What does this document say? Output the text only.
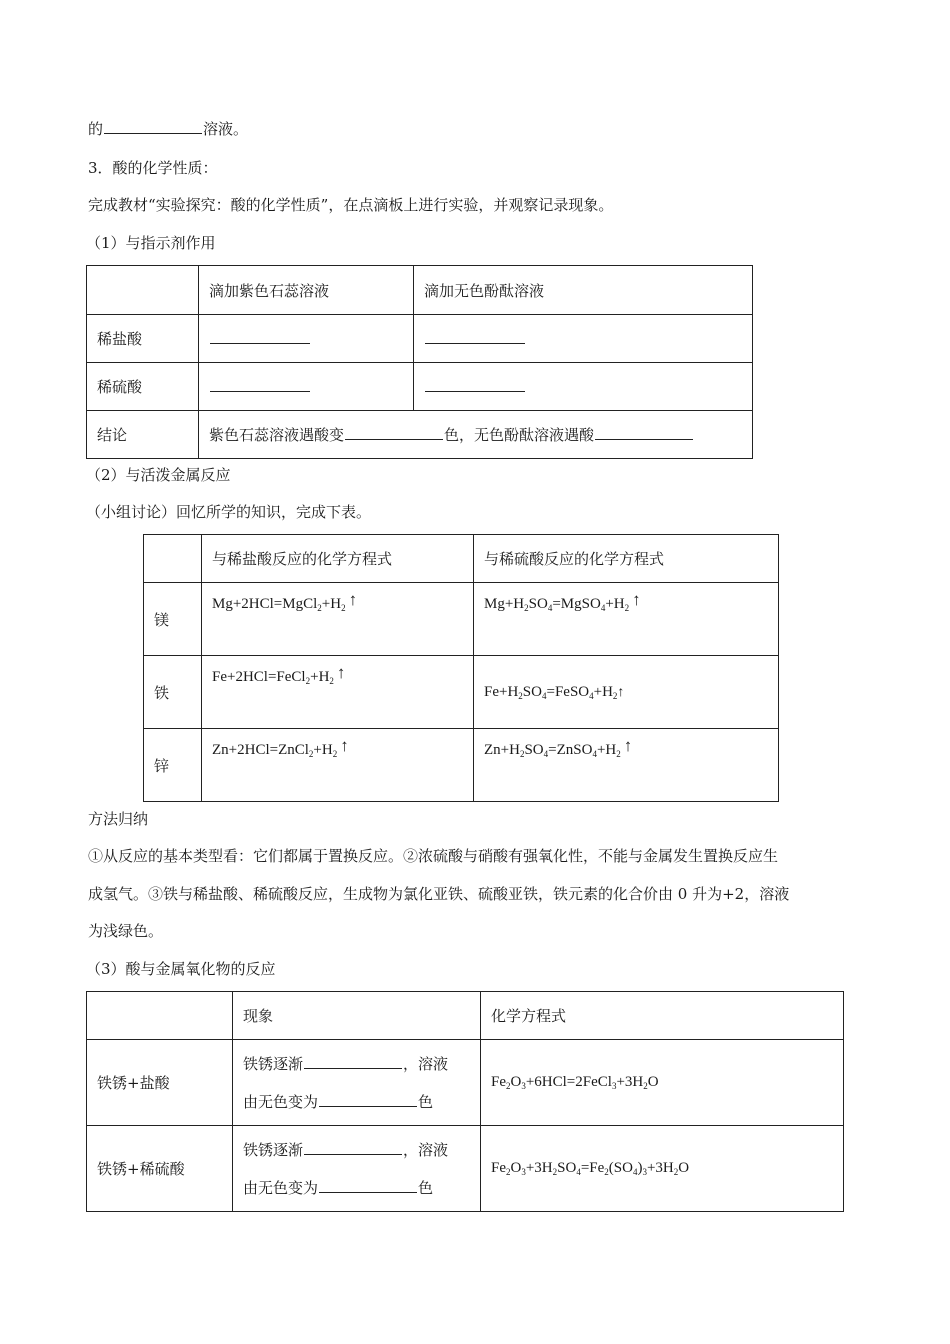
的	溶液。
3．酸的化学性质：
完成教材“实验探究：酸的化学性质”，在点滴板上进行实验，并观察记录现象。
（1）与指示剂作用
	滴加紫色石蕊溶液	滴加无色酚酞溶液
稀盐酸		
稀硫酸		
结论	紫色石蕊溶液遇酸变 色，无色酚酞溶液遇酸	
（2）与活泼金属反应
（小组讨论）回忆所学的知识，完成下表。
	与稀盐酸反应的化学方程式	与稀硫酸反应的化学方程式
镁	$Mg+2HCl=MgCl_2+H_2$ ↑	$Mg+H_2SO_4=MgSO_4+H_2$ ↑
铁	$Fe+2HCl=FeCl_2+H_2$ ↑	$Fe+H_2SO_4=FeSO_4+H_2↑$
锌	$Zn+2HCl=ZnCl_2+H_2$ ↑	$Zn+H_2SO_4=ZnSO_4+H_2$ ↑
方法归纳
①从反应的基本类型看：它们都属于置换反应。②浓硫酸与硝酸有强氧化性，不能与金属发生置换反应生
成氢气。③铁与稀盐酸、稀硫酸反应，生成物为氯化亚铁、硫酸亚铁，铁元素的化合价由 0 升为+2，溶液
为浅绿色。
（3）酸与金属氧化物的反应
	现象	化学方程式
铁锈+盐酸	铁锈逐渐 ，溶液
由无色变为 色	$Fe_2O_3+6HCl=2FeCl_3+3H_2O$
铁锈+稀硫酸	铁锈逐渐 ，溶液
由无色变为 色	$Fe_2O_3+3H_2SO_4=Fe_2(SO_4)_3+3H_2O$
